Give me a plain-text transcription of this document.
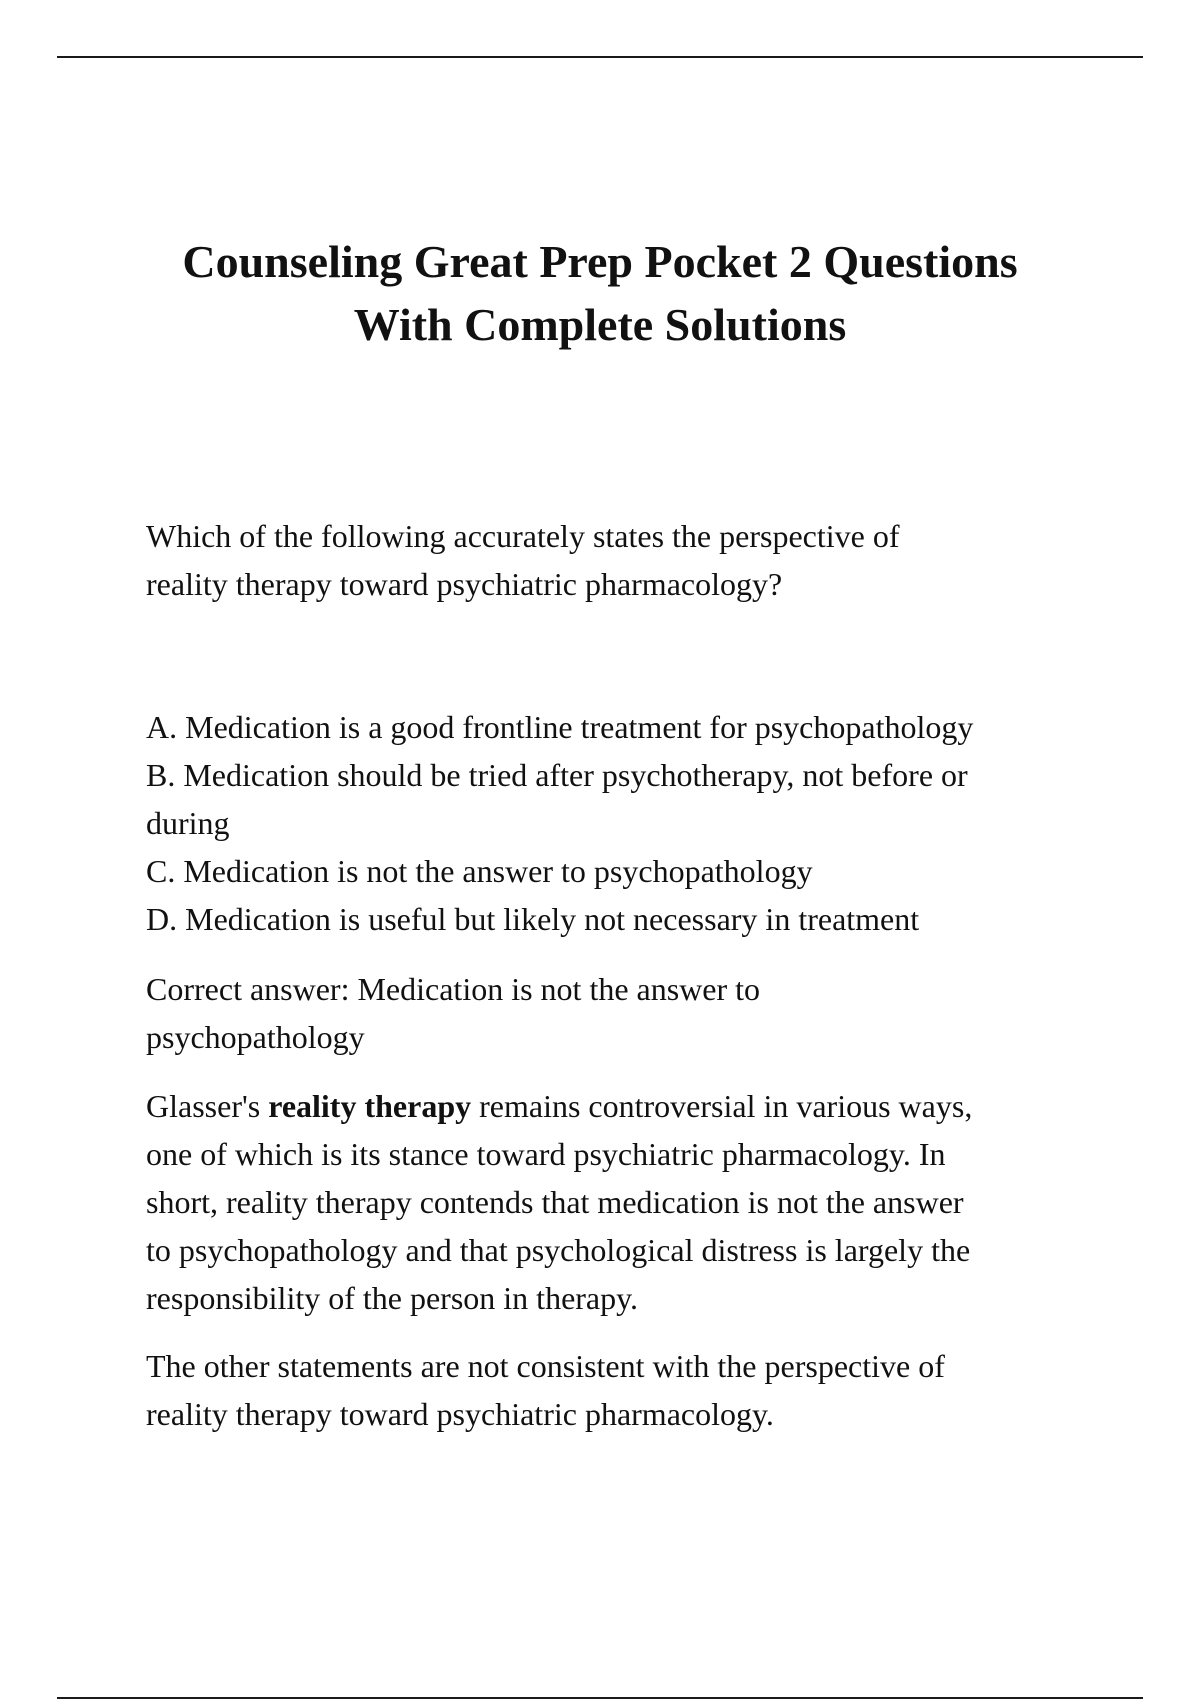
Counseling Great Prep Pocket 2 Questions
With Complete Solutions
Which of the following accurately states the perspective of
reality therapy toward psychiatric pharmacology?
A. Medication is a good frontline treatment for psychopathology
B. Medication should be tried after psychotherapy, not before or
during
C. Medication is not the answer to psychopathology
D. Medication is useful but likely not necessary in treatment
Correct answer: Medication is not the answer to
psychopathology
Glasser's reality therapy remains controversial in various ways,
one of which is its stance toward psychiatric pharmacology. In
short, reality therapy contends that medication is not the answer
to psychopathology and that psychological distress is largely the
responsibility of the person in therapy.
The other statements are not consistent with the perspective of
reality therapy toward psychiatric pharmacology.
